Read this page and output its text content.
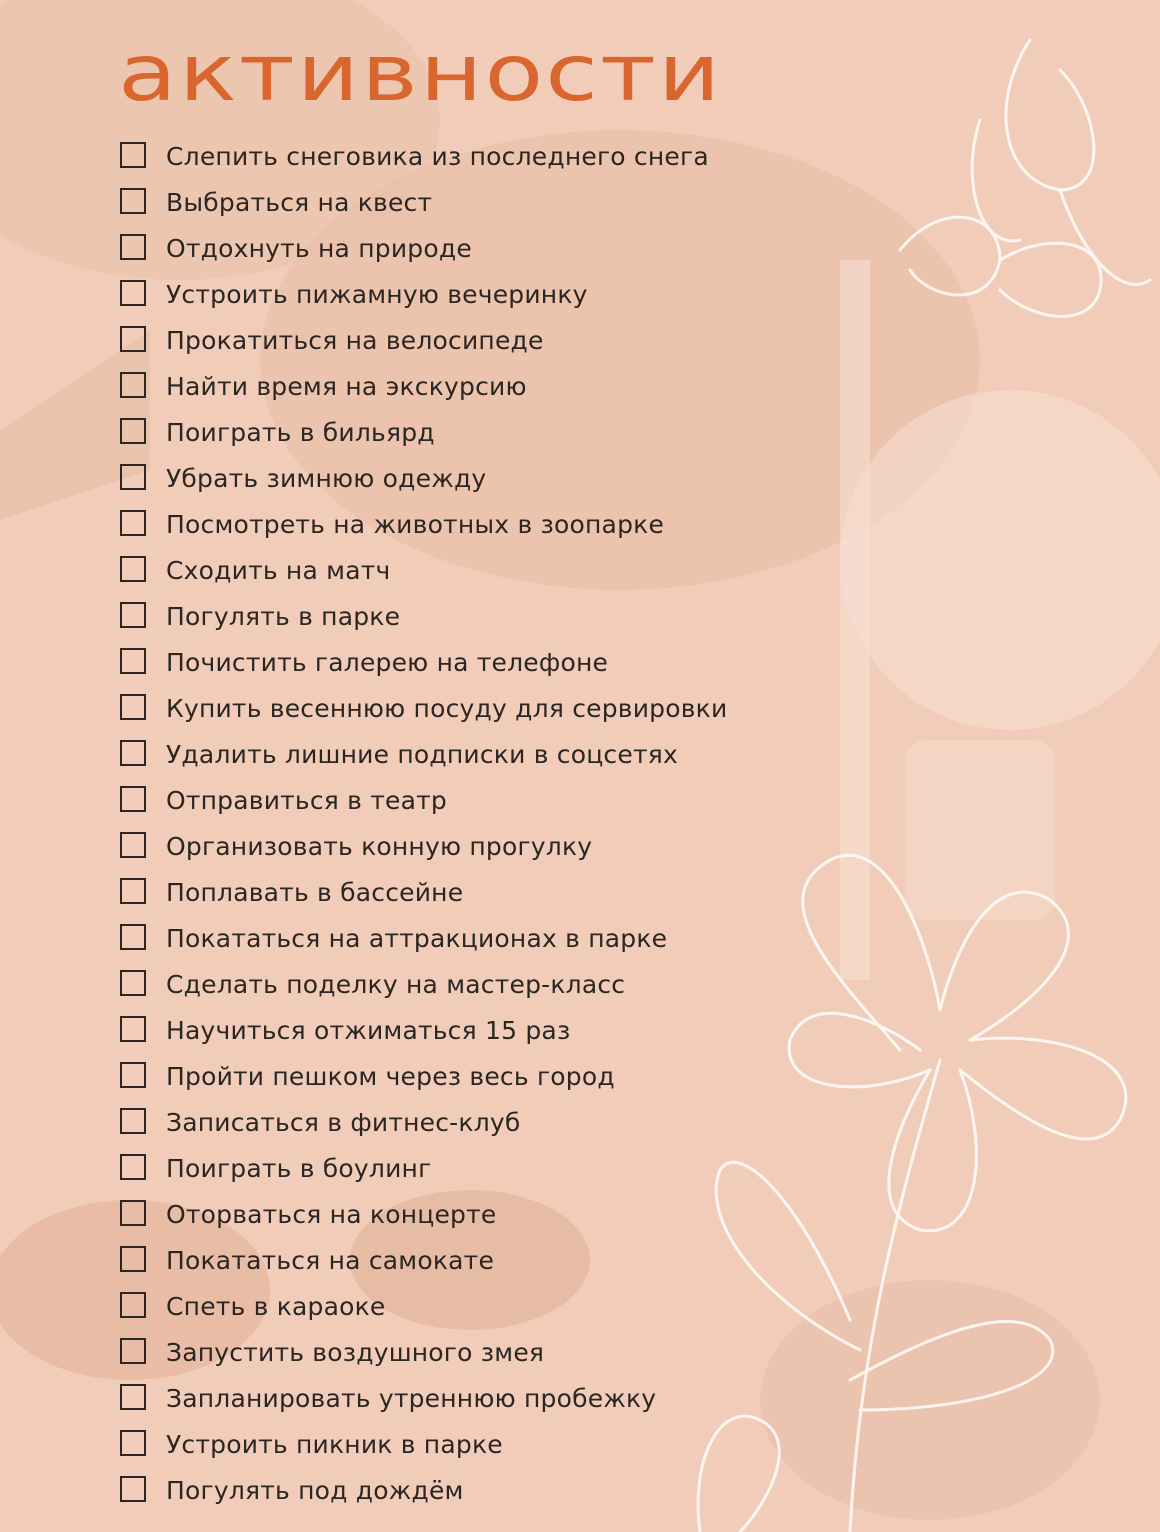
активности
Слепить снеговика из последнего снега
Выбраться на квест
Отдохнуть на природе
Устроить пижамную вечеринку
Прокатиться на велосипеде
Найти время на экскурсию
Поиграть в бильярд
Убрать зимнюю одежду
Посмотреть на животных в зоопарке
Сходить на матч
Погулять в парке
Почистить галерею на телефоне
Купить весеннюю посуду для сервировки
Удалить лишние подписки в соцсетях
Отправиться в театр
Организовать конную прогулку
Поплавать в бассейне
Покататься на аттракционах в парке
Сделать поделку на мастер-класс
Научиться отжиматься 15 раз
Пройти пешком через весь город
Записаться в фитнес-клуб
Поиграть в боулинг
Оторваться на концерте
Покататься на самокате
Спеть в караоке
Запустить воздушного змея
Запланировать утреннюю пробежку
Устроить пикник в парке
Погулять под дождём
